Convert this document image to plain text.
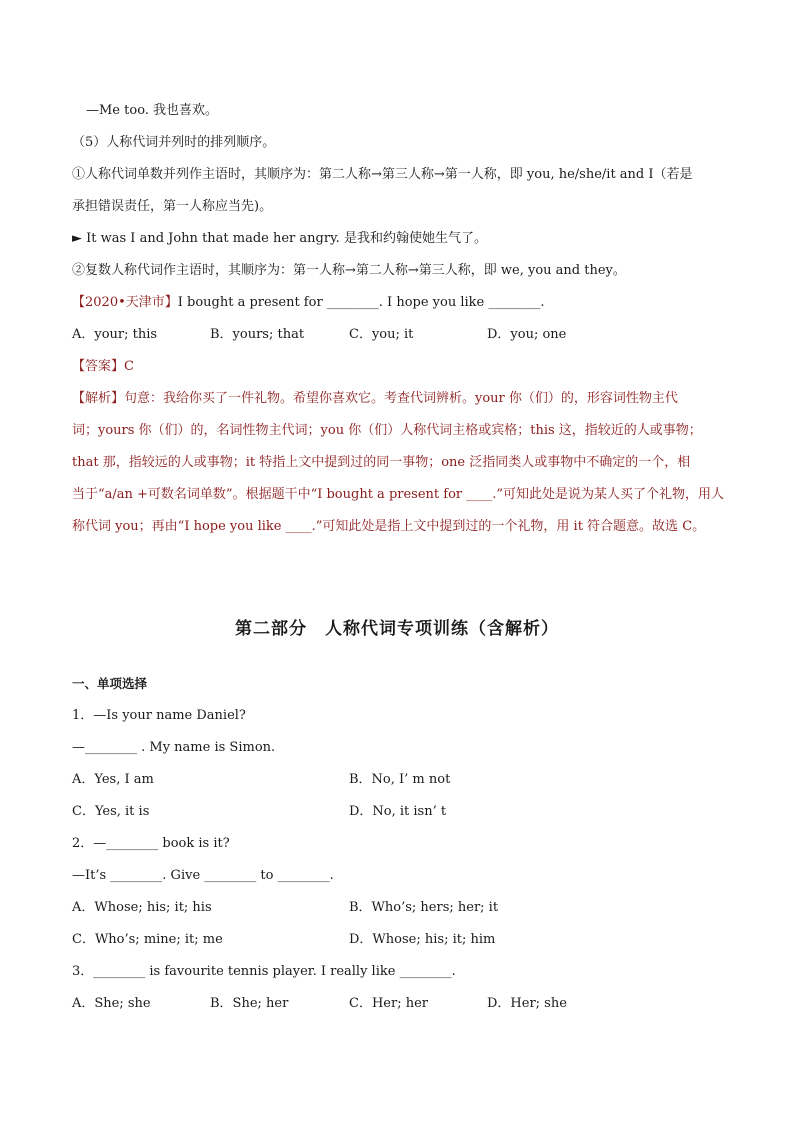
—Me too. 我也喜欢。
（5）人称代词并列时的排列顺序。
①人称代词单数并列作主语时，其顺序为：第二人称→第三人称→第一人称，即 you, he/she/it and I（若是
承担错误责任，第一人称应当先)。
► It was I and John that made her angry. 是我和约翰使她生气了。
②复数人称代词作主语时，其顺序为：第一人称→第二人称→第三人称，即 we, you and they。
【2020•天津市】I bought a present for ________. I hope you like ________.
A．your; this	B．yours; that	C．you; it	D．you; one
【答案】C
【解析】句意：我给你买了一件礼物。希望你喜欢它。考查代词辨析。your 你（们）的，形容词性物主代
词；yours 你（们）的，名词性物主代词；you 你（们）人称代词主格或宾格；this 这，指较近的人或事物；
that 那，指较远的人或事物；it 特指上文中提到过的同一事物；one 泛指同类人或事物中不确定的一个，相
当于“a/an +可数名词单数”。根据题干中“I bought a present for ____.”可知此处是说为某人买了个礼物，用人
称代词 you；再由“I hope you like ____.”可知此处是指上文中提到过的一个礼物，用 it 符合题意。故选 C。
第二部分　人称代词专项训练（含解析）
一、单项选择
1．—Is your name Daniel?
—________ . My name is Simon.
A．Yes, I am	B．No, I’ m not
C．Yes, it is	D．No, it isn’ t
2．—________ book is it?
—It’s ________. Give ________ to ________.
A．Whose; his; it; his	B．Who’s; hers; her; it
C．Who’s; mine; it; me	D．Whose; his; it; him
3．________ is favourite tennis player. I really like ________.
A．She; she	B．She; her	C．Her; her	D．Her; she
